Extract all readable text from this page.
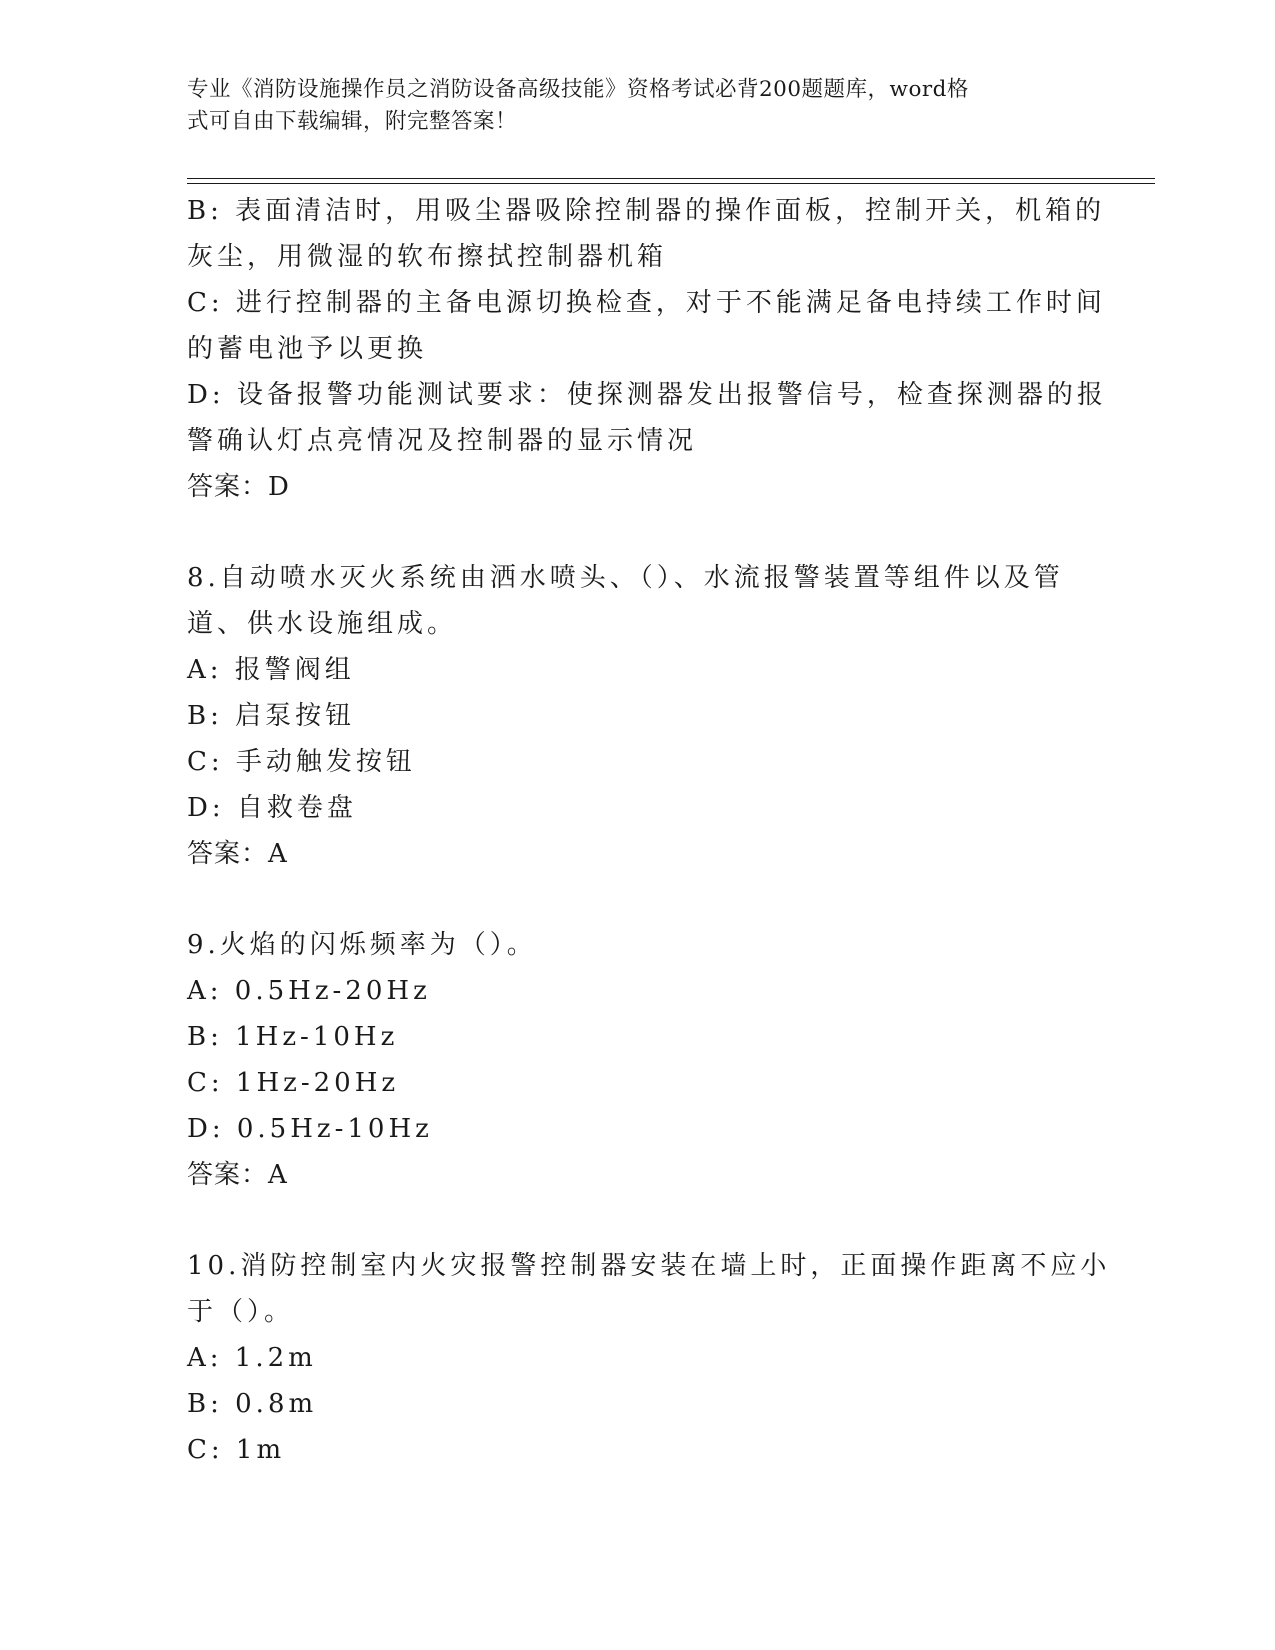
专业《消防设施操作员之消防设备高级技能》资格考试必背200题题库，word格
式可自由下载编辑，附完整答案！
B: 表面清洁时，用吸尘器吸除控制器的操作面板，控制开关，机箱的
灰尘，用微湿的软布擦拭控制器机箱
C: 进行控制器的主备电源切换检查，对于不能满足备电持续工作时间
的蓄电池予以更换
D: 设备报警功能测试要求：使探测器发出报警信号，检查探测器的报
警确认灯点亮情况及控制器的显示情况
答案：D
8.自动喷水灭火系统由洒水喷头、（）、水流报警装置等组件以及管
道、供水设施组成。
A: 报警阀组
B: 启泵按钮
C: 手动触发按钮
D: 自救卷盘
答案：A
9.火焰的闪烁频率为（）。
A: 0.5Hz-20Hz
B: 1Hz-10Hz
C: 1Hz-20Hz
D: 0.5Hz-10Hz
答案：A
10.消防控制室内火灾报警控制器安装在墙上时，正面操作距离不应小
于（）。
A: 1.2m
B: 0.8m
C: 1m
